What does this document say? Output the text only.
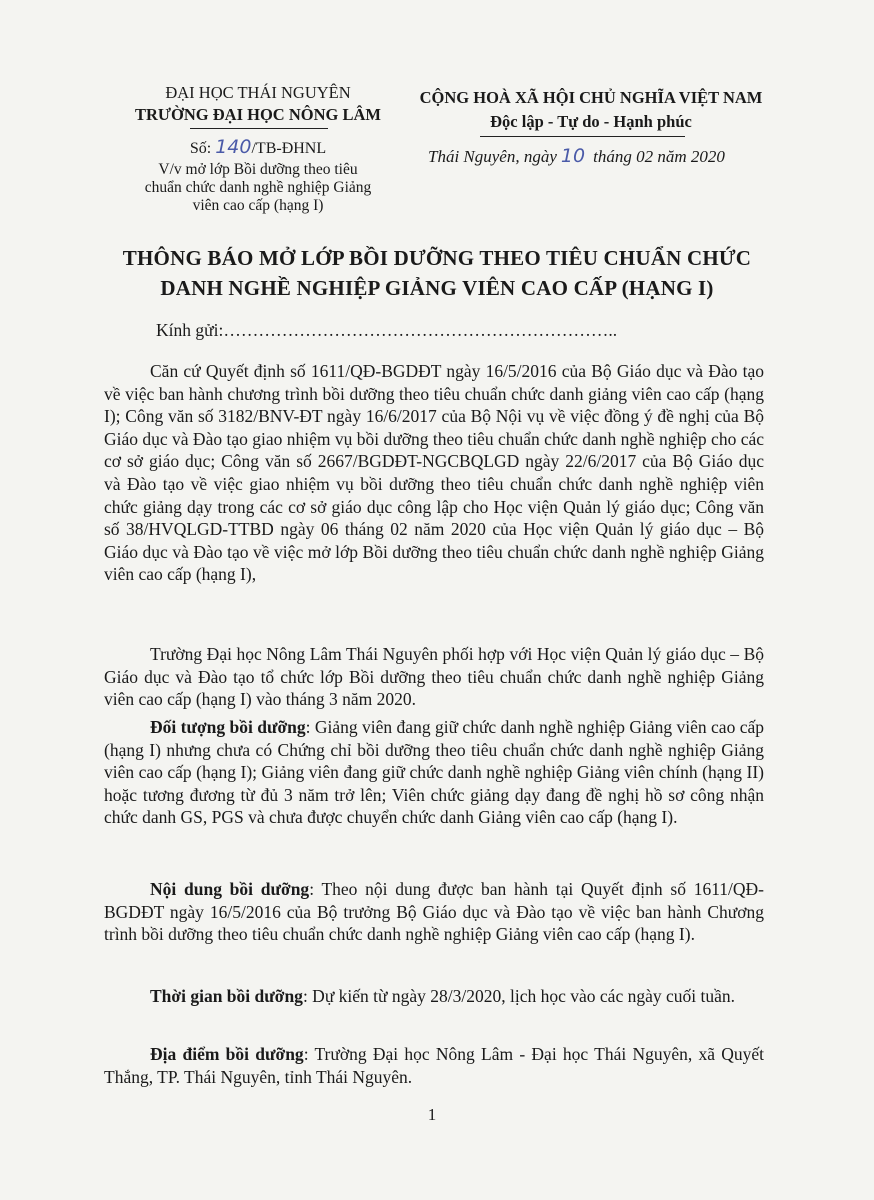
ĐẠI HỌC THÁI NGUYÊN
TRƯỜNG ĐẠI HỌC NÔNG LÂM
Số: 140/TB-ĐHNL
V/v mở lớp Bồi dưỡng theo tiêu
chuẩn chức danh nghề nghiệp Giảng
viên cao cấp (hạng I)
CỘNG HOÀ XÃ HỘI CHỦ NGHĨA VIỆT NAM
Độc lập - Tự do - Hạnh phúc
Thái Nguyên, ngày 10 tháng 02 năm 2020
THÔNG BÁO MỞ LỚP BỒI DƯỠNG THEO TIÊU CHUẨN CHỨC
DANH NGHỀ NGHIỆP GIẢNG VIÊN CAO CẤP (HẠNG I)
Kính gửi:…………………………………………………………..
Căn cứ Quyết định số 1611/QĐ-BGDĐT ngày 16/5/2016 của Bộ Giáo dục và Đào tạo về việc ban hành chương trình bồi dưỡng theo tiêu chuẩn chức danh giảng viên cao cấp (hạng I); Công văn số 3182/BNV-ĐT ngày 16/6/2017 của Bộ Nội vụ về việc đồng ý đề nghị của Bộ Giáo dục và Đào tạo giao nhiệm vụ bồi dưỡng theo tiêu chuẩn chức danh nghề nghiệp cho các cơ sở giáo dục; Công văn số 2667/BGDĐT-NGCBQLGD ngày 22/6/2017 của Bộ Giáo dục và Đào tạo về việc giao nhiệm vụ bồi dưỡng theo tiêu chuẩn chức danh nghề nghiệp viên chức giảng dạy trong các cơ sở giáo dục công lập cho Học viện Quản lý giáo dục; Công văn số 38/HVQLGD-TTBD ngày 06 tháng 02 năm 2020 của Học viện Quản lý giáo dục – Bộ Giáo dục và Đào tạo về việc mở lớp Bồi dưỡng theo tiêu chuẩn chức danh nghề nghiệp Giảng viên cao cấp (hạng I),
Trường Đại học Nông Lâm Thái Nguyên phối hợp với Học viện Quản lý giáo dục – Bộ Giáo dục và Đào tạo tổ chức lớp Bồi dưỡng theo tiêu chuẩn chức danh nghề nghiệp Giảng viên cao cấp (hạng I) vào tháng 3 năm 2020.
Đối tượng bồi dưỡng: Giảng viên đang giữ chức danh nghề nghiệp Giảng viên cao cấp (hạng I) nhưng chưa có Chứng chỉ bồi dưỡng theo tiêu chuẩn chức danh nghề nghiệp Giảng viên cao cấp (hạng I); Giảng viên đang giữ chức danh nghề nghiệp Giảng viên chính (hạng II) hoặc tương đương từ đủ 3 năm trở lên; Viên chức giảng dạy đang đề nghị hồ sơ công nhận chức danh GS, PGS và chưa được chuyển chức danh Giảng viên cao cấp (hạng I).
Nội dung bồi dưỡng: Theo nội dung được ban hành tại Quyết định số 1611/QĐ-BGDĐT ngày 16/5/2016 của Bộ trưởng Bộ Giáo dục và Đào tạo về việc ban hành Chương trình bồi dưỡng theo tiêu chuẩn chức danh nghề nghiệp Giảng viên cao cấp (hạng I).
Thời gian bồi dưỡng: Dự kiến từ ngày 28/3/2020, lịch học vào các ngày cuối tuần.
Địa điểm bồi dưỡng: Trường Đại học Nông Lâm - Đại học Thái Nguyên, xã Quyết Thắng, TP. Thái Nguyên, tỉnh Thái Nguyên.
1
